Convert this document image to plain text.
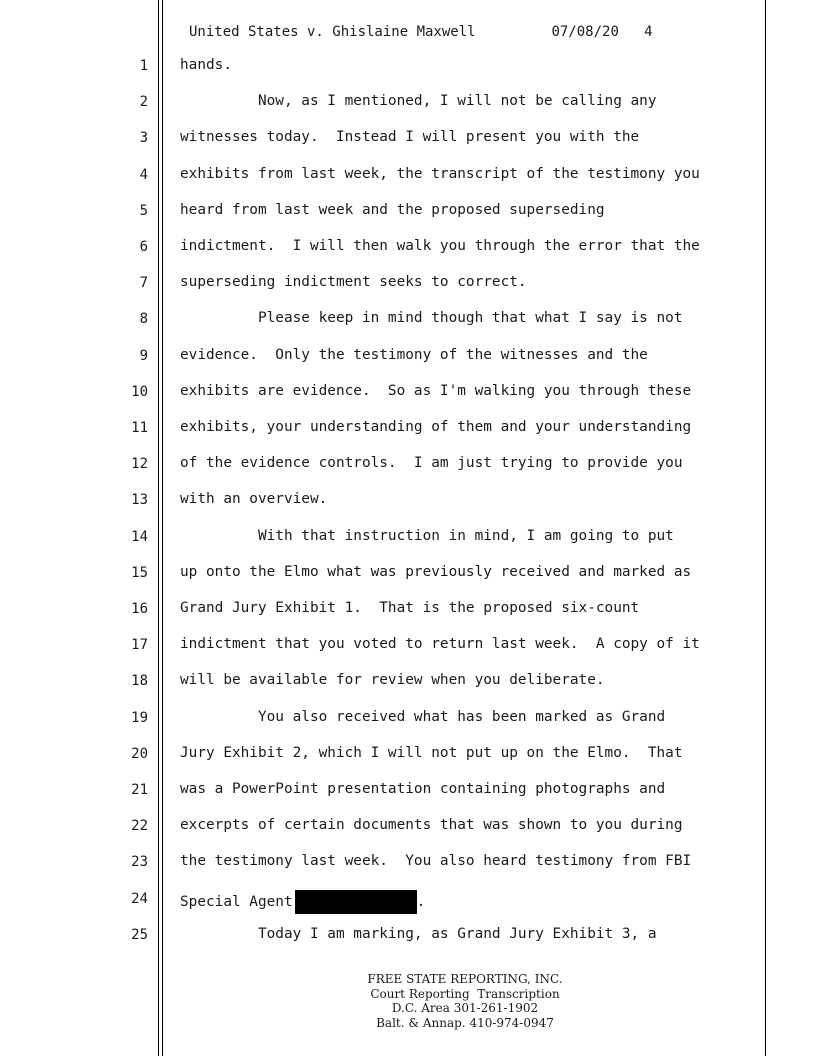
United States v. Ghislaine Maxwell	07/08/20 4
1 hands.
2 Now, as I mentioned, I will not be calling any
3 witnesses today.  Instead I will present you with the
4 exhibits from last week, the transcript of the testimony you
5 heard from last week and the proposed superseding
6 indictment.  I will then walk you through the error that the
7 superseding indictment seeks to correct.
8 Please keep in mind though that what I say is not
9 evidence.  Only the testimony of the witnesses and the
10 exhibits are evidence.  So as I'm walking you through these
11 exhibits, your understanding of them and your understanding
12 of the evidence controls.  I am just trying to provide you
13 with an overview.
14 With that instruction in mind, I am going to put
15 up onto the Elmo what was previously received and marked as
16 Grand Jury Exhibit 1.  That is the proposed six-count
17 indictment that you voted to return last week.  A copy of it
18 will be available for review when you deliberate.
19 You also received what has been marked as Grand
20 Jury Exhibit 2, which I will not put up on the Elmo.  That
21 was a PowerPoint presentation containing photographs and
22 excerpts of certain documents that was shown to you during
23 the testimony last week.  You also heard testimony from FBI
24 Special Agent	.
25 Today I am marking, as Grand Jury Exhibit 3, a
FREE STATE REPORTING, INC.
Court Reporting  Transcription
D.C. Area 301-261-1902
Balt. & Annap. 410-974-0947
